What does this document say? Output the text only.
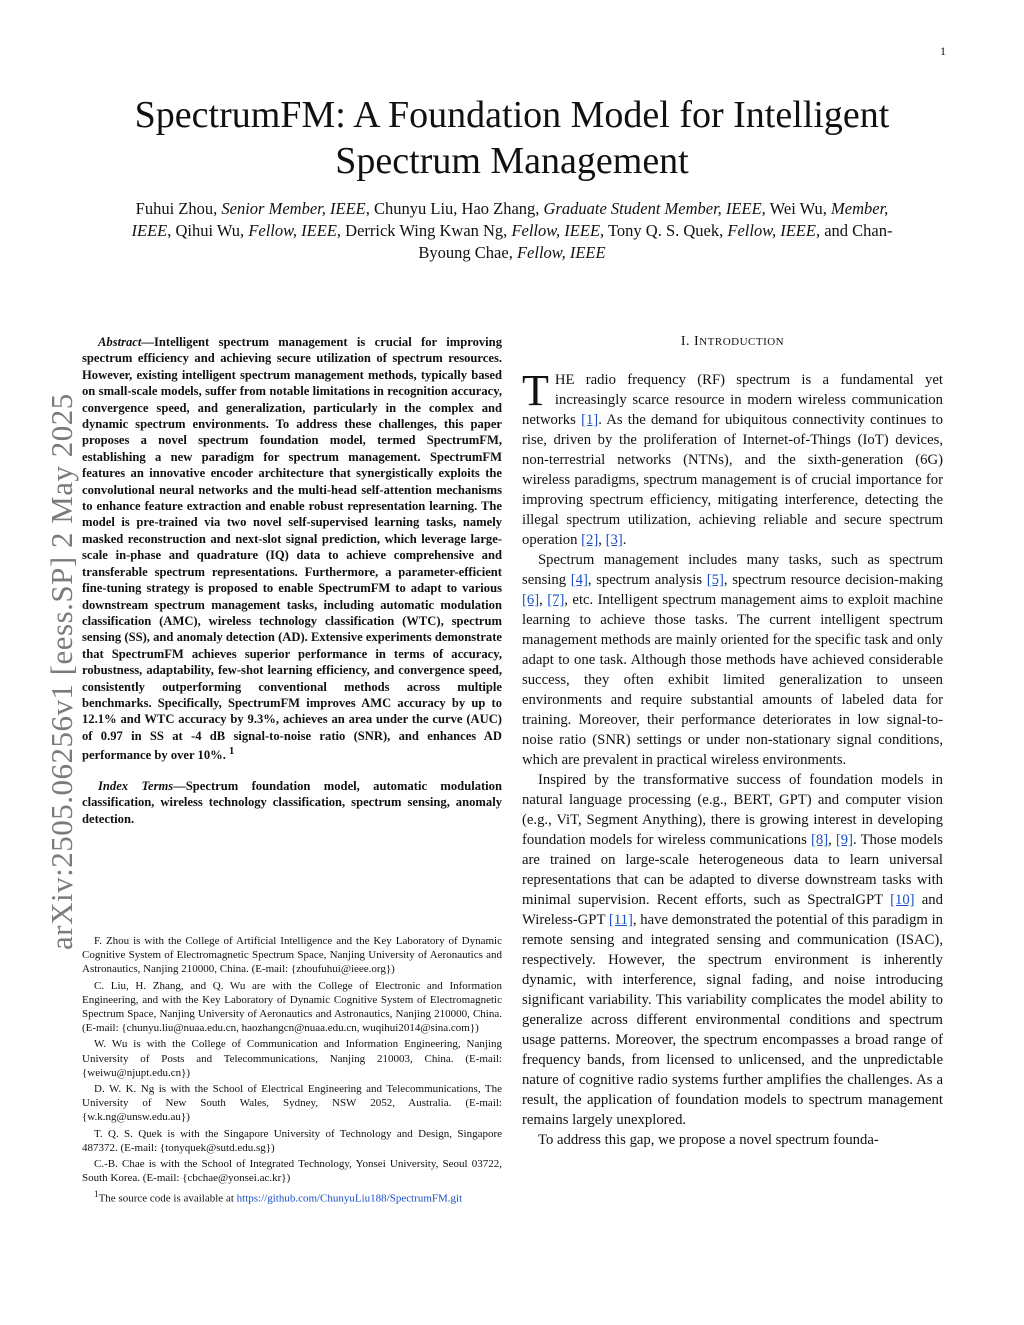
1
arXiv:2505.06256v1 [eess.SP] 2 May 2025
SpectrumFM: A Foundation Model for Intelligent Spectrum Management

Fuhui Zhou, Senior Member, IEEE, Chunyu Liu, Hao Zhang, Graduate Student Member, IEEE, Wei Wu, Member, IEEE, Qihui Wu, Fellow, IEEE, Derrick Wing Kwan Ng, Fellow, IEEE, Tony Q. S. Quek, Fellow, IEEE, and Chan-Byoung Chae, Fellow, IEEE

Abstract—Intelligent spectrum management is crucial for improving spectrum efficiency and achieving secure utilization of spectrum resources. However, existing intelligent spectrum management methods, typically based on small-scale models, suffer from notable limitations in recognition accuracy, convergence speed, and generalization, particularly in the complex and dynamic spectrum environments. To address these challenges, this paper proposes a novel spectrum foundation model, termed SpectrumFM, establishing a new paradigm for spectrum management. SpectrumFM features an innovative encoder architecture that synergistically exploits the convolutional neural networks and the multi-head self-attention mechanisms to enhance feature extraction and enable robust representation learning. The model is pre-trained via two novel self-supervised learning tasks, namely masked reconstruction and next-slot signal prediction, which leverage large-scale in-phase and quadrature (IQ) data to achieve comprehensive and transferable spectrum representations. Furthermore, a parameter-efficient fine-tuning strategy is proposed to enable SpectrumFM to adapt to various downstream spectrum management tasks, including automatic modulation classification (AMC), wireless technology classification (WTC), spectrum sensing (SS), and anomaly detection (AD). Extensive experiments demonstrate that SpectrumFM achieves superior performance in terms of accuracy, robustness, adaptability, few-shot learning efficiency, and convergence speed, consistently outperforming conventional methods across multiple benchmarks. Specifically, SpectrumFM improves AMC accuracy by up to 12.1% and WTC accuracy by 9.3%, achieves an area under the curve (AUC) of 0.97 in SS at -4 dB signal-to-noise ratio (SNR), and enhances AD performance by over 10%. $^1$

Index Terms—Spectrum foundation model, automatic modulation classification, wireless technology classification, spectrum sensing, anomaly detection.

F. Zhou is with the College of Artificial Intelligence and the Key Laboratory of Dynamic Cognitive System of Electromagnetic Spectrum Space, Nanjing University of Aeronautics and Astronautics, Nanjing 210000, China. (E-mail: {zhoufuhui@ieee.org})

C. Liu, H. Zhang, and Q. Wu are with the College of Electronic and Information Engineering, and with the Key Laboratory of Dynamic Cognitive System of Electromagnetic Spectrum Space, Nanjing University of Aeronautics and Astronautics, Nanjing 210000, China. (E-mail: {chunyu.liu@nuaa.edu.cn, haozhangcn@nuaa.edu.cn, wuqihui2014@sina.com})

W. Wu is with the College of Communication and Information Engineering, Nanjing University of Posts and Telecommunications, Nanjing 210003, China. (E-mail: {weiwu@njupt.edu.cn})

D. W. K. Ng is with the School of Electrical Engineering and Telecommunications, The University of New South Wales, Sydney, NSW 2052, Australia. (E-mail: {w.k.ng@unsw.edu.au})

T. Q. S. Quek is with the Singapore University of Technology and Design, Singapore 487372. (E-mail: {tonyquek@sutd.edu.sg})

C.-B. Chae is with the School of Integrated Technology, Yonsei University, Seoul 03722, South Korea. (E-mail: {cbchae@yonsei.ac.kr})

$^1$The source code is available at https://github.com/ChunyuLiu188/SpectrumFM.git

I. INTRODUCTION

THE radio frequency (RF) spectrum is a fundamental yet increasingly scarce resource in modern wireless communication networks [1]. As the demand for ubiquitous connectivity continues to rise, driven by the proliferation of Internet-of-Things (IoT) devices, non-terrestrial networks (NTNs), and the sixth-generation (6G) wireless paradigms, spectrum management is of crucial importance for improving spectrum efficiency, mitigating interference, detecting the illegal spectrum utilization, achieving reliable and secure spectrum operation [2], [3].

Spectrum management includes many tasks, such as spectrum sensing [4], spectrum analysis [5], spectrum resource decision-making [6], [7], etc. Intelligent spectrum management aims to exploit machine learning to achieve those tasks. The current intelligent spectrum management methods are mainly oriented for the specific task and only adapt to one task. Although those methods have achieved considerable success, they often exhibit limited generalization to unseen environments and require substantial amounts of labeled data for training. Moreover, their performance deteriorates in low signal-to-noise ratio (SNR) settings or under non-stationary signal conditions, which are prevalent in practical wireless environments.

Inspired by the transformative success of foundation models in natural language processing (e.g., BERT, GPT) and computer vision (e.g., ViT, Segment Anything), there is growing interest in developing foundation models for wireless communications [8], [9]. Those models are trained on large-scale heterogeneous data to learn universal representations that can be adapted to diverse downstream tasks with minimal supervision. Recent efforts, such as SpectralGPT [10] and Wireless-GPT [11], have demonstrated the potential of this paradigm in remote sensing and integrated sensing and communication (ISAC), respectively. However, the spectrum environment is inherently dynamic, with interference, signal fading, and noise introducing significant variability. This variability complicates the model ability to generalize across different environmental conditions and spectrum usage patterns. Moreover, the spectrum encompasses a broad range of frequency bands, from licensed to unlicensed, and the unpredictable nature of cognitive radio systems further amplifies the challenges. As a result, the application of foundation models to spectrum management remains largely unexplored.

To address this gap, we propose a novel spectrum founda-
